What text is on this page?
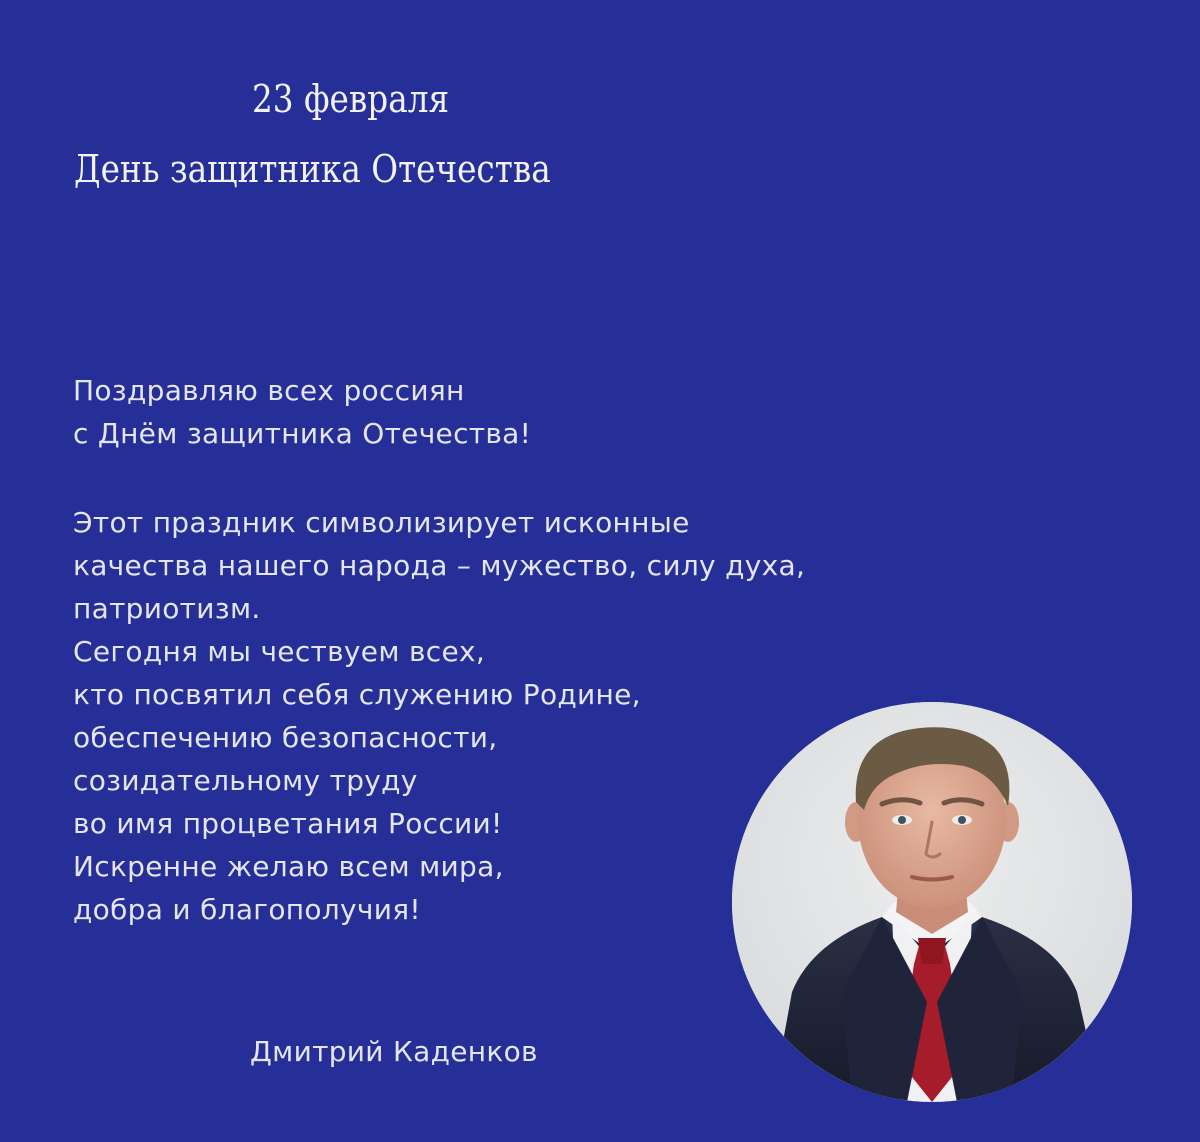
23 февраля
День защитника Отечества
Поздравляю всех россиян
с Днём защитника Отечества!
Этот праздник символизирует исконные
качества нашего народа – мужество, силу духа,
патриотизм.
Сегодня мы чествуем всех,
кто посвятил себя служению Родине,
обеспечению безопасности,
созидательному труду
во имя процветания России!
Искренне желаю всем мира,
добра и благополучия!
Дмитрий Каденков
